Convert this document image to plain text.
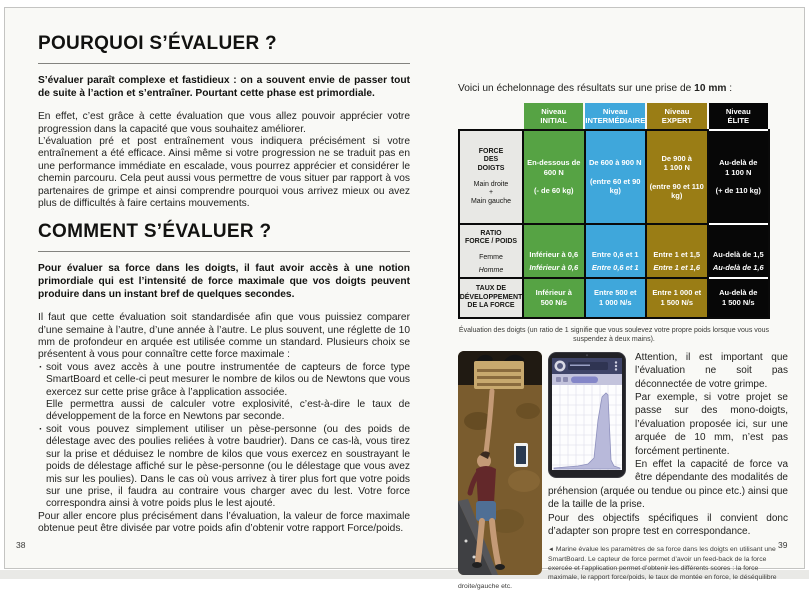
POURQUOI S’ÉVALUER ?

S’évaluer paraît complexe et fastidieux : on a souvent envie de passer tout de suite à l’action et s’entraîner. Pourtant cette phase est primordiale.

En effet, c’est grâce à cette évaluation que vous allez pouvoir apprécier votre progression dans la capacité que vous souhaitez améliorer.

L’évaluation pré et post entraînement vous indiquera précisément si votre entraînement a été efficace. Ainsi même si votre progression ne se traduit pas en une performance immédiate en escalade, vous pourrez apprécier et considérer le chemin parcouru. Cela peut aussi vous permettre de vous situer par rapport à vos partenaires de grimpe et ainsi comprendre pourquoi vous arrivez mieux ou avez plus de difficultés à faire certains mouvements.

COMMENT S’ÉVALUER ?

Pour évaluer sa force dans les doigts, il faut avoir accès à une notion primordiale qui est l’intensité de force maximale que vos doigts peuvent produire dans un instant bref de quelques secondes.

Il faut que cette évaluation soit standardisée afin que vous puissiez comparer d’une semaine à l’autre, d’une année à l’autre. Le plus souvent, une réglette de 10 mm de profondeur en arquée est utilisée comme un standard. Plusieurs choix se présentent à vous pour connaître cette force maximale :

· soit vous avez accès à une poutre instrumentée de capteurs de force type SmartBoard et celle-ci peut mesurer le nombre de kilos ou de Newtons que vous exercez sur cette prise grâce à l’application associée.

Elle permettra aussi de calculer votre explosivité, c’est-à-dire le taux de développement de la force en Newtons par seconde.

· soit vous pouvez simplement utiliser un pèse-personne (ou des poids de délestage avec des poulies reliées à votre baudrier). Dans ce cas-là, vous tirez sur la prise et déduisez le nombre de kilos que vous exercez en soustrayant le poids de délestage affiché sur le pèse-personne (ou le délestage que vous avez mis sur les poulies). Dans le cas où vous arrivez à tirer plus fort que votre poids sur une prise, il faudra au contraire vous charger avec du lest. Votre force correspondra ainsi à votre poids plus le lest ajouté.

Pour aller encore plus précisément dans l’évaluation, la valeur de force maximale obtenue peut être divisée par votre poids afin d’obtenir votre rapport Force/poids.

38	39

Voici un échelonnage des résultats sur une prise de 10 mm :

Niveau
INITIAL
Niveau
INTERMÉDIAIRE
Niveau
EXPERT
Niveau
ÉLITE
FORCE
DES
DOIGTS
Main droite
+
Main gauche
En-dessous de 600 N
(- de 60 kg)
De 600 à 900 N
(entre 60 et 90 kg)
De 900 à 1 100 N
(entre 90 et 110 kg)
Au-delà de 1 100 N
(+ de 110 kg)
RATIO
FORCE / POIDS
Femme
Homme
Inférieur à 0,6
Inférieur à 0,6
Entre 0,6 et 1
Entre 0,6 et 1
Entre 1 et 1,5
Entre 1 et 1,6
Au-delà de 1,5
Au-delà de 1,6
TAUX DE
DÉVELOPPEMENT
DE LA FORCE
Inférieur à 500 N/s
Entre 500 et 1 000 N/s
Entre 1 000 et 1 500 N/s
Au-delà de 1 500 N/s

Évaluation des doigts (un ratio de 1 signifie que vous soulevez votre propre poids lorsque vous vous suspendez à deux mains).

Attention, il est important que l’évaluation ne soit pas déconnectée de votre grimpe.

Par exemple, si votre projet se passe sur des mono-doigts, l’évaluation proposée ici, sur une arquée de 10 mm, n’est pas forcément pertinente.

En effet la capacité de force va être dépendante des modalités de préhension (arquée ou tendue ou pince etc.) ainsi que de la taille de la prise.

Pour des objectifs spécifiques il convient donc d’adapter son propre test en correspondance.

◄ Marine évalue les paramètres de sa force dans les doigts en utilisant une SmartBoard. Le capteur de force permet d’avoir un feed-back de la force exercée et l’application permet d’obtenir les différents scores : la force maximale, le rapport force/poids, le taux de montée en force, le déséquilibre droite/gauche etc.
